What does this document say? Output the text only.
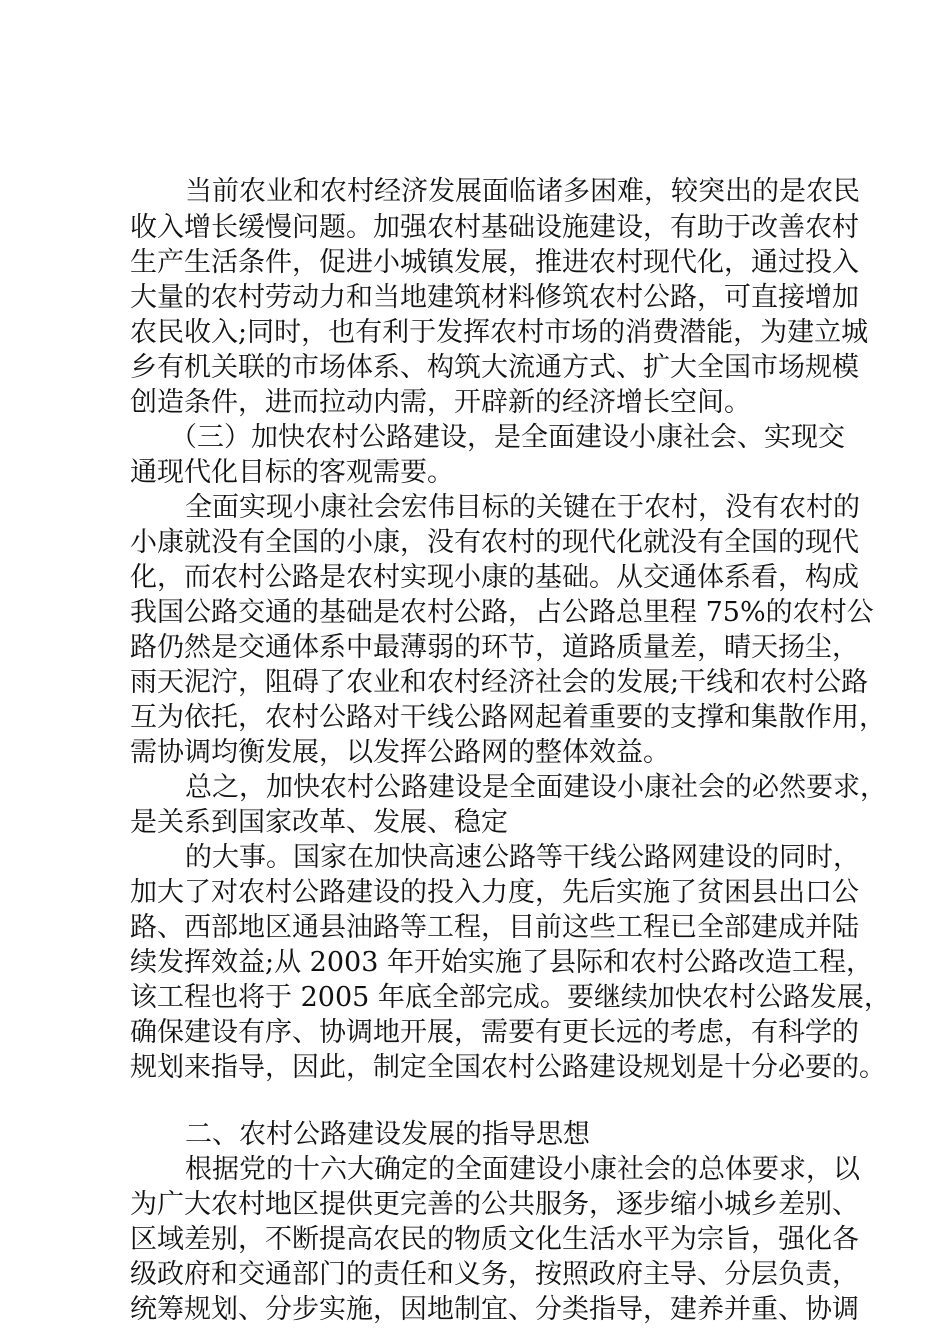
当前农业和农村经济发展面临诸多困难，较突出的是农民
收入增长缓慢问题。加强农村基础设施建设，有助于改善农村
生产生活条件，促进小城镇发展，推进农村现代化，通过投入
大量的农村劳动力和当地建筑材料修筑农村公路，可直接增加
农民收入;同时，也有利于发挥农村市场的消费潜能，为建立城
乡有机关联的市场体系、构筑大流通方式、扩大全国市场规模
创造条件，进而拉动内需，开辟新的经济增长空间。
（三）加快农村公路建设，是全面建设小康社会、实现交
通现代化目标的客观需要。
全面实现小康社会宏伟目标的关键在于农村，没有农村的
小康就没有全国的小康，没有农村的现代化就没有全国的现代
化，而农村公路是农村实现小康的基础。从交通体系看，构成
我国公路交通的基础是农村公路，占公路总里程 75%的农村公
路仍然是交通体系中最薄弱的环节，道路质量差，晴天扬尘，
雨天泥泞，阻碍了农业和农村经济社会的发展;干线和农村公路
互为依托，农村公路对干线公路网起着重要的支撑和集散作用，
需协调均衡发展，以发挥公路网的整体效益。
总之，加快农村公路建设是全面建设小康社会的必然要求，
是关系到国家改革、发展、稳定
的大事。国家在加快高速公路等干线公路网建设的同时，
加大了对农村公路建设的投入力度，先后实施了贫困县出口公
路、西部地区通县油路等工程，目前这些工程已全部建成并陆
续发挥效益;从 2003 年开始实施了县际和农村公路改造工程，
该工程也将于 2005 年底全部完成。要继续加快农村公路发展，
确保建设有序、协调地开展，需要有更长远的考虑，有科学的
规划来指导，因此，制定全国农村公路建设规划是十分必要的。
二、农村公路建设发展的指导思想
根据党的十六大确定的全面建设小康社会的总体要求，以
为广大农村地区提供更完善的公共服务，逐步缩小城乡差别、
区域差别，不断提高农民的物质文化生活水平为宗旨，强化各
级政府和交通部门的责任和义务，按照政府主导、分层负责，
统筹规划、分步实施，因地制宜、分类指导，建养并重、协调
